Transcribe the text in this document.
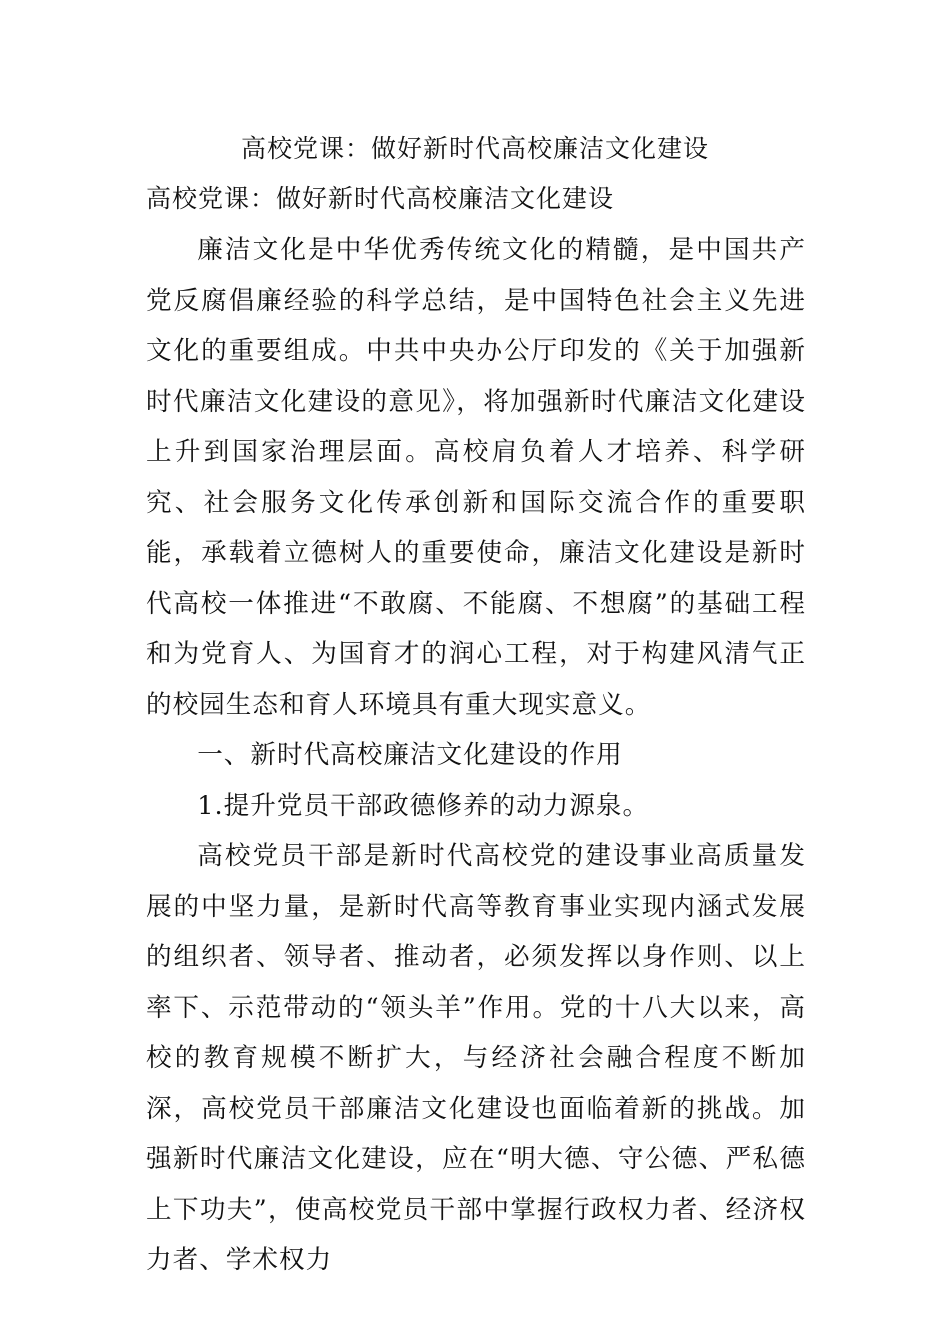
高校党课：做好新时代高校廉洁文化建设
高校党课：做好新时代高校廉洁文化建设

廉洁文化是中华优秀传统文化的精髓，是中国共产党反腐倡廉经验的科学总结，是中国特色社会主义先进文化的重要组成。中共中央办公厅印发的《关于加强新时代廉洁文化建设的意见》，将加强新时代廉洁文化建设上升到国家治理层面。高校肩负着人才培养、科学研究、社会服务文化传承创新和国际交流合作的重要职能，承载着立德树人的重要使命，廉洁文化建设是新时代高校一体推进“不敢腐、不能腐、不想腐”的基础工程和为党育人、为国育才的润心工程，对于构建风清气正的校园生态和育人环境具有重大现实意义。

一、新时代高校廉洁文化建设的作用

1.提升党员干部政德修养的动力源泉。

高校党员干部是新时代高校党的建设事业高质量发展的中坚力量，是新时代高等教育事业实现内涵式发展的组织者、领导者、推动者，必须发挥以身作则、以上率下、示范带动的“领头羊”作用。党的十八大以来，高校的教育规模不断扩大，与经济社会融合程度不断加深，高校党员干部廉洁文化建设也面临着新的挑战。加强新时代廉洁文化建设，应在“明大德、守公德、严私德上下功夫”，使高校党员干部中掌握行政权力者、经济权力者、学术权力
